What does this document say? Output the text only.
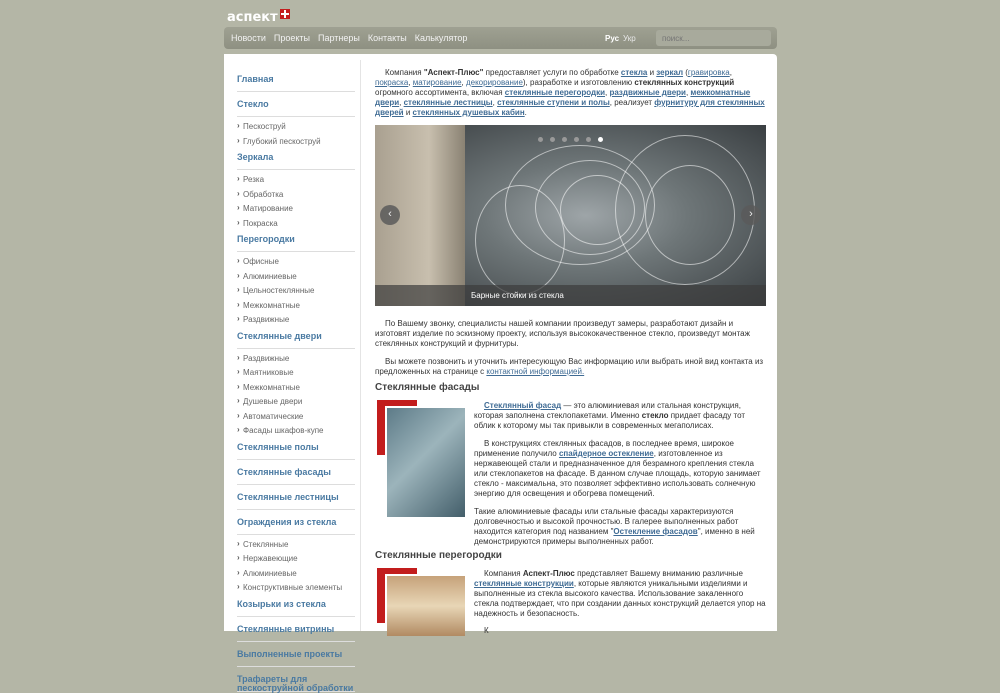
аспект
Новости Проекты Партнеры Контакты Калькулятор	Рус Укр
поиск...
Главная
Стекло
› Пескоструй
› Глубокий пескоструй
Зеркала
› Резка
› Обработка
› Матирование
› Покраска
Перегородки
› Офисные
› Алюминиевые
› Цельностеклянные
› Межкомнатные
› Раздвижные
Стеклянные двери
› Раздвижные
› Маятниковые
› Межкомнатные
› Душевые двери
› Автоматические
› Фасады шкафов-купе
Стеклянные полы
Стеклянные фасады
Стеклянные лестницы
Ограждения из стекла
› Стеклянные
› Нержавеющие
› Алюминиевые
› Конструктивные элементы
Козырьки из стекла
Стеклянные витрины
Выполненные проекты
Трафареты для
пескоструйной обработки

Компания "Аспект-Плюс" предоставляет услуги по обработке стекла и зеркал (гравировка, покраска, матирование, декорирование), разработке и изготовлению стеклянных конструкций огромного ассортимента, включая стеклянные перегородки, раздвижные двери, межкомнатные двери, стеклянные лестницы, стеклянные ступени и полы, реализует фурнитуру для стеклянных дверей и стеклянных душевых кабин.

‹	›
Барные стойки из стекла

По Вашему звонку, специалисты нашей компании произведут замеры, разработают дизайн и изготовят изделие по эскизному проекту, используя высококачественное стекло, произведут монтаж стеклянных конструкций и фурнитуры.

Вы можете позвонить и уточнить интересующую Вас информацию или выбрать иной вид контакта из предложенных на странице с контактной информацией.

Стеклянные фасады

Стеклянный фасад — это алюминиевая или стальная конструкция, которая заполнена стеклопакетами. Именно стекло придает фасаду тот облик к которому мы так привыкли в современных мегаполисах.

В конструкциях стеклянных фасадов, в последнее время, широкое применение получило спайдерное остекление, изготовленное из нержавеющей стали и предназначенное для безрамного крепления стекла или стеклопакетов на фасаде. В данном случае площадь, которую занимает стекло - максимальна, это позволяет эффективно использовать солнечную энергию для освещения и обогрева помещений.

Такие алюминиевые фасады или стальные фасады характеризуются долговечностью и высокой прочностью. В галерее выполненных работ находится категория под названием "Остекление фасадов", именно в ней демонстрируются примеры выполненных работ.

Стеклянные перегородки

Компания Аспект-Плюс представляет Вашему вниманию различные стеклянные конструкции, которые являются уникальными изделиями и выполненные из стекла высокого качества. Использование закаленного стекла подтверждает, что при создании данных конструкций делается упор на надежность и безопасность.

К
